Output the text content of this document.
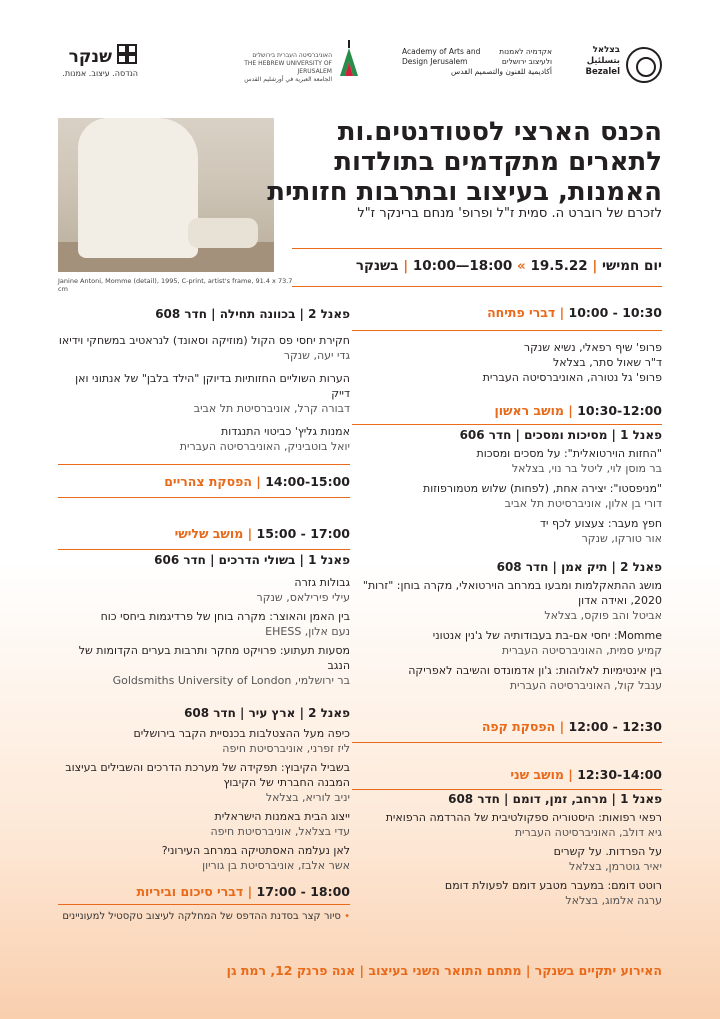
בצלאל
بتسلئيل
Bezalel
אקדמיה לאמנות ולעיצוב ירושלים
Academy of Arts and Design Jerusalem
أكاديمية للفنون والتصميم القدس
האוניברסיטה העברית בירושלים
THE HEBREW UNIVERSITY OF JERUSALEM
الجامعة العبرية في أورشليم القدس
שנקר
הנדסה. עיצוב. אמנות.
Janine Antoni, Momme (detail), 1995, C-print, artist's frame, 91.4 x 73.7 cm
הכנס הארצי לסטודנטים.ות
לתארים מתקדמים בתולדות
האמנות, בעיצוב ובתרבות חזותית
לזכרם של רוברט ה. סמית ז"ל ופרופ' מנחם ברינקר ז"ל
יום חמישי | 19.5.22 » 10:00—18:00 | בשנקר
10:00 - 10:30 | דברי פתיחה
פרופ' שיף רפאלי, נשיא שנקר
ד"ר שאול סתר, בצלאל
פרופ' גל נטורה, האוניברסיטה העברית
10:30-12:00 | מושב ראשון
פאנל 1 | מסיכות ומסכים | חדר 606
"החזות הוירטואלית": על מסכים ומסכות
בר מוסן לוי, ליטל בר נוי, בצלאל
"מניפסטו": יצירה אחת, (לפחות) שלוש מטמורפוזות
דורי בן אלון, אוניברסיטת תל אביב
חפץ מעבר: צעצוע לכף יד
אור טורקו, שנקר
פאנל 2 | תיק אמן | חדר 608
מושג ההתאקלמות ומבעו במרחב הוירטואלי, מקרה בוחן: "זרות" 2020, ואידה אדון
אביטל והב פוקס, בצלאל
Momme: יחסי אם-בת בעבודותיה של ג'נין אנטוני
קמיע סמית, האוניברסיטה העברית
בין אינטימיות לאלוהות: ג'ון אדמונדס והשיבה לאפריקה
ענבל קול, האוניברסיטה העברית
12:00 - 12:30 | הפסקת קפה
12:30-14:00 | מושב שני
פאנל 1 | מרחב, זמן, דומם | חדר 608
רפאי רפואות: היסטוריה ספקולטיבית של ההרדמה הרפואית
גיא דולב, האוניברסיטה העברית
על הפרדות. על קשרים
יאיר גוטרמן, בצלאל
רוטט דומם: במעבר מטבע דומם לפעולת דומם
ערגה אלמוג, בצלאל
פאנל 2 | בכוונה תחילה | חדר 608
חקירת יחסי פס הקול (מוזיקה וסאונד) לנראטיב במשחקי וידיאו
גדי יעה, שנקר
הערות השוליים החזותיות בדיוקן "הילד בלבן" של אנתוני ואן דייק
דבורה קרל, אוניברסיטת תל אביב
אמנות גליץ' כביטוי התנגדות
יואל בוטביניק, האוניברסיטה העברית
14:00-15:00 | הפסקת צהריים
15:00 - 17:00 | מושב שלישי
פאנל 1 | בשולי הדרכים | חדר 606
גבולות גזרה
עילי פירילאס, שנקר
בין האמן והאוצר: מקרה בוחן של פרדיגמות ביחסי כוח
נעם אלון, EHESS
מסעות תעתוע: פרויקט מחקר ותרבות בערים הקדומות של הנגב
בר ירושלמי, Goldsmiths University of London
פאנל 2 | ארץ עיר | חדר 608
כיפה מעל ההצטלבות בכנסיית הקבר בירושלים
ליז זפרני, אוניברסיטת חיפה
בשביל הקיבוץ: תפקידה של מערכת הדרכים והשבילים בעיצוב המבנה החברתי של הקיבוץ
יניב לוריא, בצלאל
ייצוג הבית באמנות הישראלית
עדי בצלאל, אוניברסיטת חיפה
לאן נעלמה האסתטיקה במרחב העירוני?
אשר אלבז, אוניברסיטת בן גוריון
17:00 - 18:00 | דברי סיכום וביריות
• סיור קצר בסדנת ההדפס של המחלקה לעיצוב טקסטיל למעוניינים
האירוע יתקיים בשנקר | מתחם התואר השני בעיצוב | אנה פרנק 12, רמת גן
